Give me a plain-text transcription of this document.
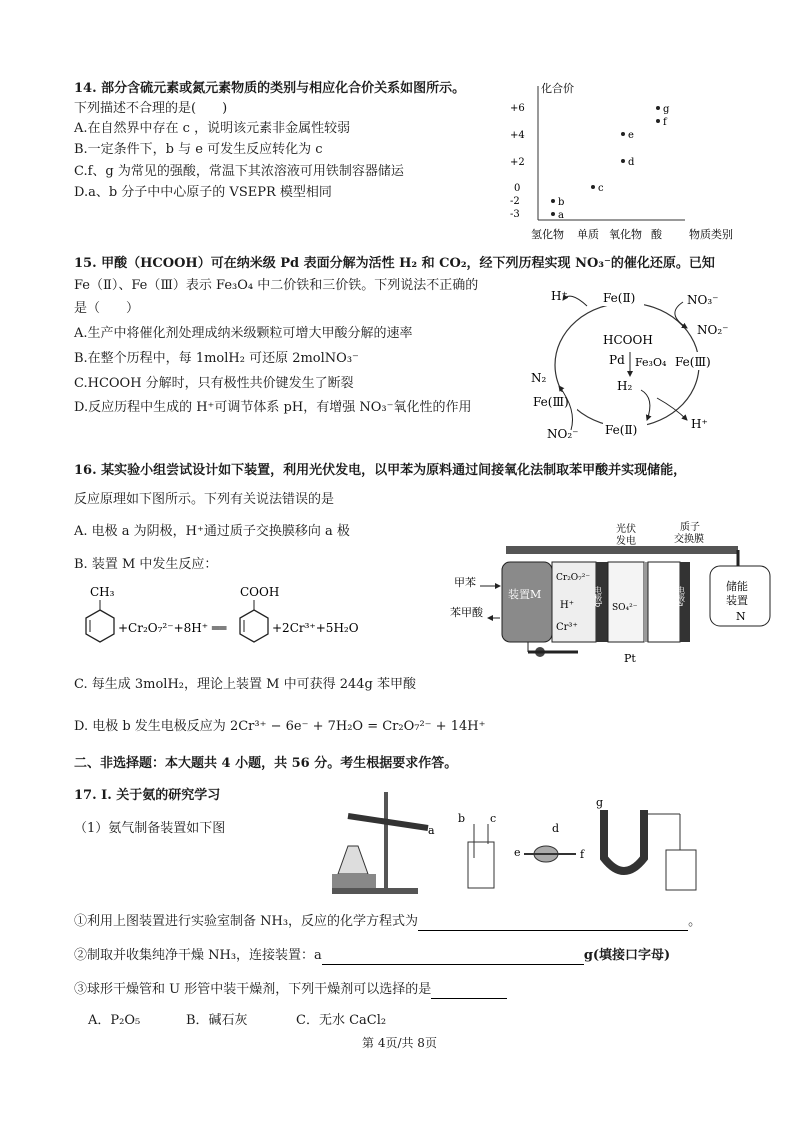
14. 部分含硫元素或氮元素物质的类别与相应化合价关系如图所示。
下列描述不合理的是(　　)
A.在自然界中存在 c ，说明该元素非金属性较弱
B.一定条件下，b 与 e 可发生反应转化为 c
C.f、g 为常见的强酸，常温下其浓溶液可用铁制容器储运
D.a、b 分子中中心原子的 VSEPR 模型相同
化合价
+6
+4
+2
0
-2
-3
b
a
c
e
d
g
f
氢化物 单质 氧化物 酸 物质类别
15. 甲酸（HCOOH）可在纳米级 Pd 表面分解为活性 H₂ 和 CO₂，经下列历程实现 NO₃⁻的催化还原。已知
Fe（Ⅱ）、Fe（Ⅲ）表示 Fe₃O₄ 中二价铁和三价铁。下列说法不正确的
是（　　）
A.生产中将催化剂处理成纳米级颗粒可增大甲酸分解的速率
B.在整个历程中，每 1molH₂ 可还原 2molNO₃⁻
C.HCOOH 分解时，只有极性共价键发生了断裂
D.反应历程中生成的 H⁺可调节体系 pH，有增强 NO₃⁻氧化性的作用
Fe(Ⅱ)
Fe(Ⅲ)
Fe(Ⅱ)
Fe(Ⅲ)
HCOOH
Pd Fe₃O₄
H₂
H⁺	NO₃⁻
NO₂⁻
H⁺
N₂
NO₂⁻
16. 某实验小组尝试设计如下装置，利用光伏发电，以甲苯为原料通过间接氧化法制取苯甲酸并实现储能，
反应原理如下图所示。下列有关说法错误的是
A. 电极 a 为阴极，H⁺通过质子交换膜移向 a 极
B. 装置 M 中发生反应：
CH₃
+Cr₂O₇²⁻+8H⁺ ══
COOH
+2Cr³⁺+5H₂O
C. 每生成 3molH₂，理论上装置 M 中可获得 244g 苯甲酸
D. 电极 b 发生电极反应为 2Cr³⁺ − 6e⁻ + 7H₂O = Cr₂O₇²⁻ + 14H⁺
甲苯
苯甲酸
装置M
Cr₂O₇²⁻
H⁺
Cr³⁺
电极b
SO₄²⁻
电极a
光伏
发电
质子
交换膜
储能
装置
N
Pt
二、非选择题：本大题共 4 小题，共 56 分。考生根据要求作答。
17. Ⅰ. 关于氨的研究学习
（1）氨气制备装置如下图	a
b c
e	f
g
d
①利用上图装置进行实验室制备 NH₃，反应的化学方程式为	。
②制取并收集纯净干燥 NH₃，连接装置：a	g(填接口字母)
③球形干燥管和 U 形管中装干燥剂，下列干燥剂可以选择的是
A．P₂O₅	B．碱石灰	C．无水 CaCl₂
第 4页/共 8页
